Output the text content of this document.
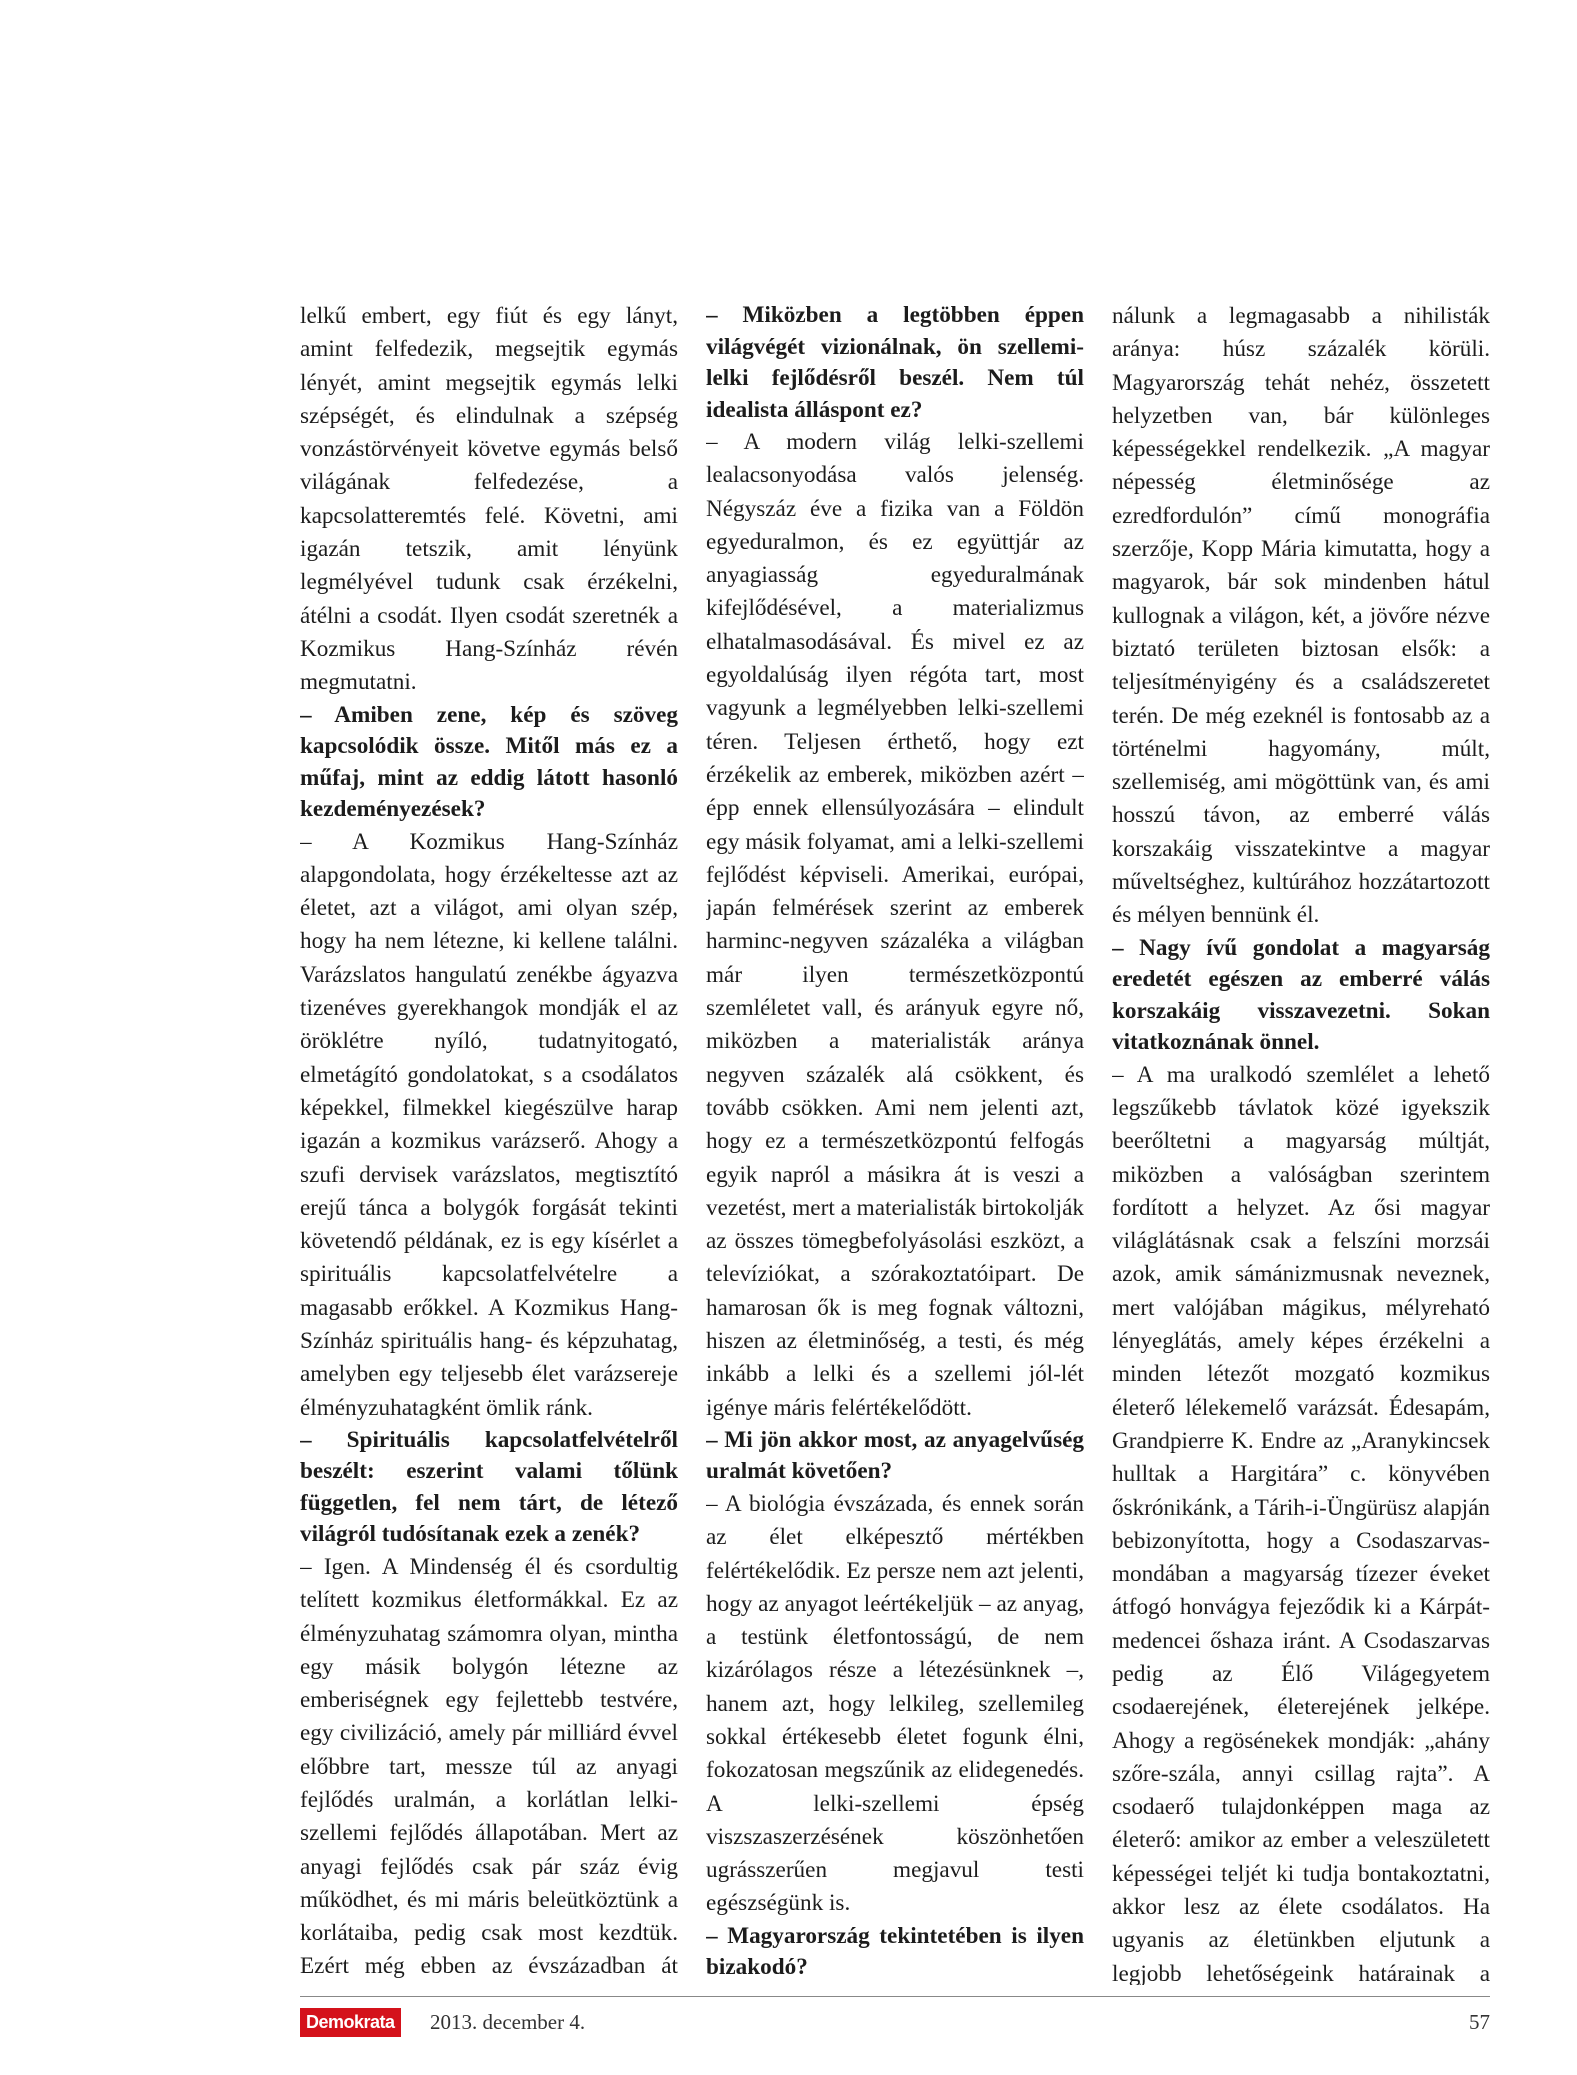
lelkű embert, egy fiút és egy lányt, amint felfedezik, megsejtik egymás lényét, amint megsejtik egymás lelki szépségét, és elindulnak a szépség vonzástörvényeit követve egymás belső világának felfedezése, a kapcsolatteremtés felé. Követni, ami igazán tetszik, amit lényünk legmélyével tudunk csak érzékelni, átélni a csodát. Ilyen csodát szeretnék a Kozmikus Hang-Színház révén megmutatni.

– Amiben zene, kép és szöveg kapcsolódik össze. Mitől más ez a műfaj, mint az eddig látott hasonló kezdeményezések?

– A Kozmikus Hang-Színház alapgondolata, hogy érzékeltesse azt az életet, azt a világot, ami olyan szép, hogy ha nem létezne, ki kellene találni. Varázslatos hangulatú zenékbe ágyazva tizenéves gyerekhangok mondják el az öröklétre nyíló, tudatnyitogató, elmetágító gondolatokat, s a csodálatos képekkel, filmekkel kiegészülve harap igazán a kozmikus varázserő. Ahogy a szufi dervisek varázslatos, megtisztító erejű tánca a bolygók forgását tekinti követendő példának, ez is egy kísérlet a spirituális kapcsolatfelvételre a magasabb erőkkel. A Kozmikus Hang-Színház spirituális hang- és képzuhatag, amelyben egy teljesebb élet varázsereje élményzuhatagként ömlik ránk.

– Spirituális kapcsolatfelvételről beszélt: eszerint valami tőlünk független, fel nem tárt, de létező világról tudósítanak ezek a zenék?

– Igen. A Mindenség él és csordultig telített kozmikus életformákkal. Ez az élményzuhatag számomra olyan, mintha egy másik bolygón létezne az emberiségnek egy fejlettebb testvére, egy civilizáció, amely pár milliárd évvel előbbre tart, messze túl az anyagi fejlődés uralmán, a korlátlan lelki-szellemi fejlődés állapotában. Mert az anyagi fejlődés csak pár száz évig működhet, és mi máris beleütköztünk a korlátaiba, pedig csak most kezdtük. Ezért még ebben az évszázadban át

– Miközben a legtöbben éppen világvégét vizionálnak, ön szellemi-lelki fejlődésről beszél. Nem túl idealista álláspont ez?

– A modern világ lelki-szellemi lealacsonyodása valós jelenség. Négyszáz éve a fizika van a Földön egyeduralmon, és ez együttjár az anyagiasság egyeduralmának kifejlődésével, a materializmus elhatalmasodásával. És mivel ez az egyoldalúság ilyen régóta tart, most vagyunk a legmélyebben lelki-szellemi téren. Teljesen érthető, hogy ezt érzékelik az emberek, miközben azért – épp ennek ellensúlyozására – elindult egy másik folyamat, ami a lelki-szellemi fejlődést képviseli. Amerikai, európai, japán felmérések szerint az emberek harminc-negyven százaléka a világban már ilyen természetközpontú szemléletet vall, és arányuk egyre nő, miközben a materialisták aránya negyven százalék alá csökkent, és tovább csökken. Ami nem jelenti azt, hogy ez a természetközpontú felfogás egyik napról a másikra át is veszi a vezetést, mert a materialisták birtokolják az összes tömegbefolyásolási eszközt, a televíziókat, a szórakoztatóipart. De hamarosan ők is meg fognak változni, hiszen az életminőség, a testi, és még inkább a lelki és a szellemi jól-lét igénye máris felértékelődött.

– Mi jön akkor most, az anyagelvűség uralmát követően?

– A biológia évszázada, és ennek során az élet elképesztő mértékben felértékelődik. Ez persze nem azt jelenti, hogy az anyagot leértékeljük – az anyag, a testünk életfontosságú, de nem kizárólagos része a létezésünknek –, hanem azt, hogy lelkileg, szellemileg sokkal értékesebb életet fogunk élni, fokozatosan megszűnik az elidegenedés. A lelki-szellemi épség viszszaszerzésének köszönhetően ugrásszerűen megjavul testi egészségünk is.

– Magyarország tekintetében is ilyen bizakodó?

nálunk a legmagasabb a nihilisták aránya: húsz százalék körüli. Magyarország tehát nehéz, összetett helyzetben van, bár különleges képességekkel rendelkezik. „A magyar népesség életminősége az ezredfordulón” című monográfia szerzője, Kopp Mária kimutatta, hogy a magyarok, bár sok mindenben hátul kullognak a világon, két, a jövőre nézve biztató területen biztosan elsők: a teljesítményigény és a családszeretet terén. De még ezeknél is fontosabb az a történelmi hagyomány, múlt, szellemiség, ami mögöttünk van, és ami hosszú távon, az emberré válás korszakáig visszatekintve a magyar műveltséghez, kultúrához hozzátartozott és mélyen bennünk él.

– Nagy ívű gondolat a magyarság eredetét egészen az emberré válás korszakáig visszavezetni. Sokan vitatkoznának önnel.

– A ma uralkodó szemlélet a lehető legszűkebb távlatok közé igyekszik beerőltetni a magyarság múltját, miközben a valóságban szerintem fordított a helyzet. Az ősi magyar világlátásnak csak a felszíni morzsái azok, amik sámánizmusnak neveznek, mert valójában mágikus, mélyreható lényeglátás, amely képes érzékelni a minden létezőt mozgató kozmikus életerő lélekemelő varázsát. Édesapám, Grandpierre K. Endre az „Aranykincsek hulltak a Hargitára” c. könyvében őskrónikánk, a Tárih-i-Üngürüsz alapján bebizonyította, hogy a Csodaszarvas-mondában a magyarság tízezer éveket átfogó honvágya fejeződik ki a Kárpát-medencei őshaza iránt. A Csodaszarvas pedig az Élő Világegyetem csodaerejének, életerejének jelképe. Ahogy a regösénekek mondják: „ahány szőre-szála, annyi csillag rajta”. A csodaerő tulajdonképpen maga az életerő: amikor az ember a veleszületett képességei teljét ki tudja bontakoztatni, akkor lesz az élete csodálatos. Ha ugyanis az életünkben eljutunk a legjobb lehetőségeink határainak a

Demokrata 2013. december 4.	57
